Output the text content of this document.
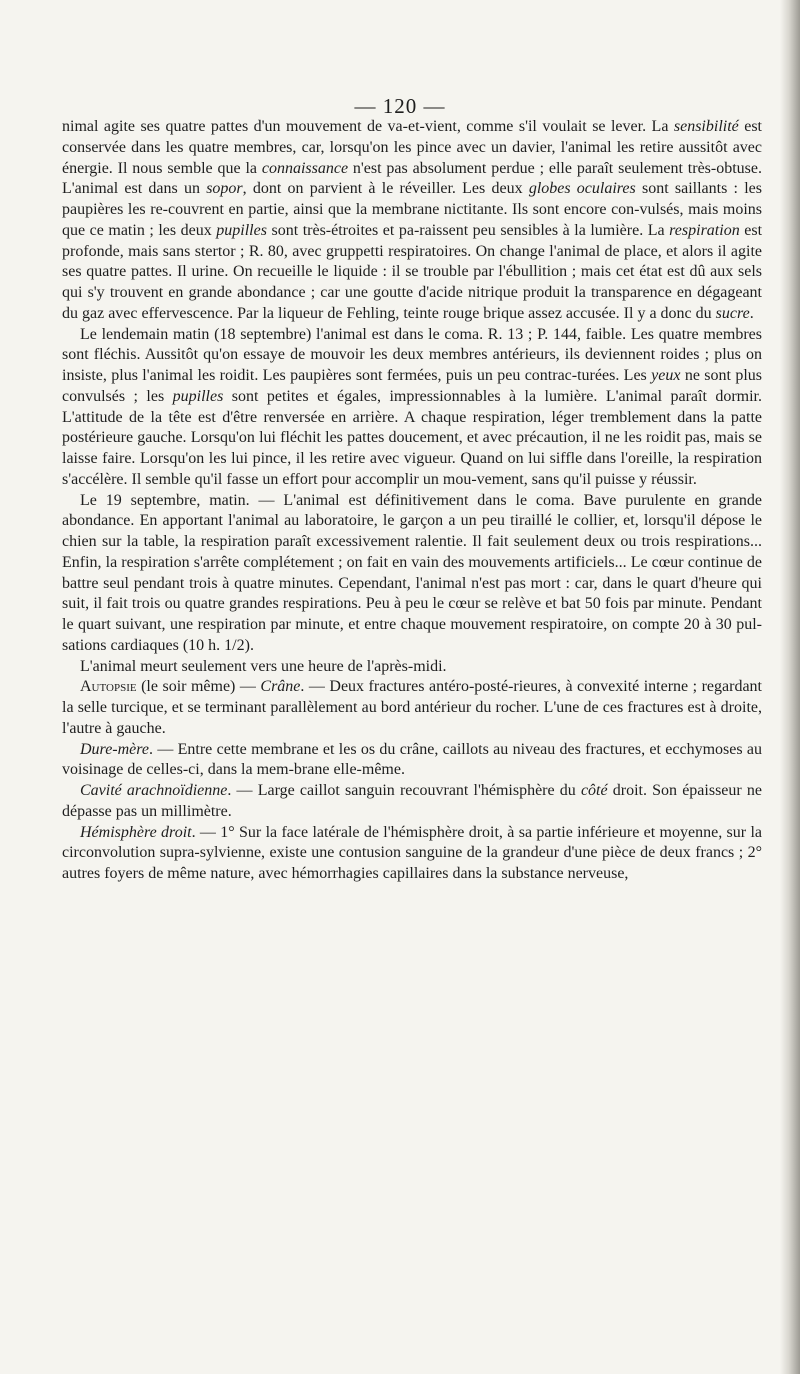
— 120 —

nimal agite ses quatre pattes d'un mouvement de va-et-vient, comme s'il voulait se lever. La sensibilité est conservée dans les quatre membres, car, lorsqu'on les pince avec un davier, l'animal les retire aussitôt avec énergie. Il nous semble que la connaissance n'est pas absolument perdue ; elle paraît seulement très-obtuse. L'animal est dans un sopor, dont on parvient à le réveiller. Les deux globes oculaires sont saillants : les paupières les re-couvrent en partie, ainsi que la membrane nictitante. Ils sont encore con-vulsés, mais moins que ce matin ; les deux pupilles sont très-étroites et pa-raissent peu sensibles à la lumière. La respiration est profonde, mais sans stertor ; R. 80, avec gruppetti respiratoires. On change l'animal de place, et alors il agite ses quatre pattes. Il urine. On recueille le liquide : il se trouble par l'ébullition ; mais cet état est dû aux sels qui s'y trouvent en grande abondance ; car une goutte d'acide nitrique produit la transparence en dégageant du gaz avec effervescence. Par la liqueur de Fehling, teinte rouge brique assez accusée. Il y a donc du sucre.

Le lendemain matin (18 septembre) l'animal est dans le coma. R. 13 ; P. 144, faible. Les quatre membres sont fléchis. Aussitôt qu'on essaye de mouvoir les deux membres antérieurs, ils deviennent roides ; plus on insiste, plus l'animal les roidit. Les paupières sont fermées, puis un peu contrac-turées. Les yeux ne sont plus convulsés ; les pupilles sont petites et égales, impressionnables à la lumière. L'animal paraît dormir. L'attitude de la tête est d'être renversée en arrière. A chaque respiration, léger tremblement dans la patte postérieure gauche. Lorsqu'on lui fléchit les pattes doucement, et avec précaution, il ne les roidit pas, mais se laisse faire. Lorsqu'on les lui pince, il les retire avec vigueur. Quand on lui siffle dans l'oreille, la respiration s'accélère. Il semble qu'il fasse un effort pour accomplir un mou-vement, sans qu'il puisse y réussir.

Le 19 septembre, matin. — L'animal est définitivement dans le coma. Bave purulente en grande abondance. En apportant l'animal au laboratoire, le garçon a un peu tiraillé le collier, et, lorsqu'il dépose le chien sur la table, la respiration paraît excessivement ralentie. Il fait seulement deux ou trois respirations... Enfin, la respiration s'arrête complétement ; on fait en vain des mouvements artificiels... Le cœur continue de battre seul pendant trois à quatre minutes. Cependant, l'animal n'est pas mort : car, dans le quart d'heure qui suit, il fait trois ou quatre grandes respirations. Peu à peu le cœur se relève et bat 50 fois par minute. Pendant le quart suivant, une respiration par minute, et entre chaque mouvement respiratoire, on compte 20 à 30 pul-sations cardiaques (10 h. 1/2).

L'animal meurt seulement vers une heure de l'après-midi.

Autopsie (le soir même) — Crâne. — Deux fractures antéro-posté-rieures, à convexité interne ; regardant la selle turcique, et se terminant parallèlement au bord antérieur du rocher. L'une de ces fractures est à droite, l'autre à gauche.

Dure-mère. — Entre cette membrane et les os du crâne, caillots au niveau des fractures, et ecchymoses au voisinage de celles-ci, dans la mem-brane elle-même.

Cavité arachnoïdienne. — Large caillot sanguin recouvrant l'hémisphère du côté droit. Son épaisseur ne dépasse pas un millimètre.

Hémisphère droit. — 1° Sur la face latérale de l'hémisphère droit, à sa partie inférieure et moyenne, sur la circonvolution supra-sylvienne, existe une contusion sanguine de la grandeur d'une pièce de deux francs ; 2° autres foyers de même nature, avec hémorrhagies capillaires dans la substance nerveuse,
